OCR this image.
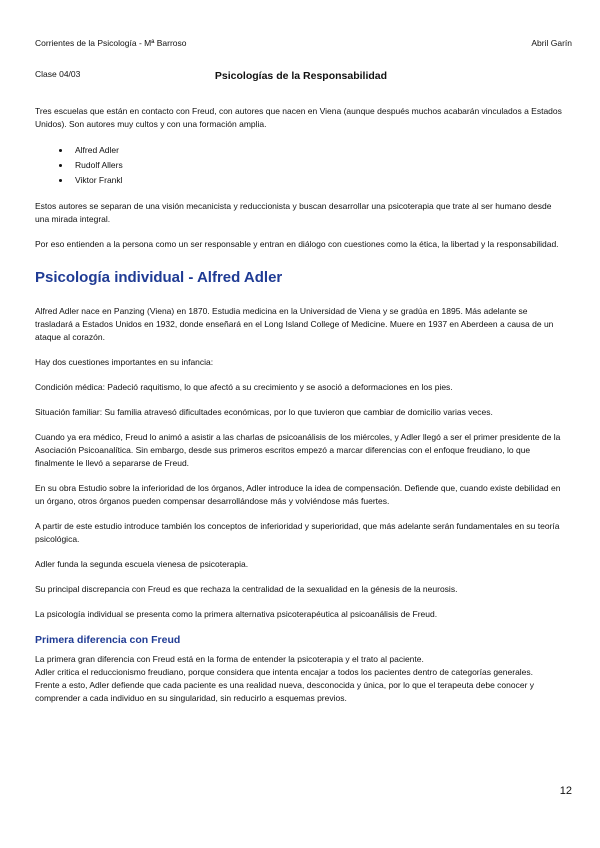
Corrientes de la Psicología - Mª Barroso	Abril Garín

Clase 04/03	Psicologías de la Responsabilidad

Tres escuelas que están en contacto con Freud, con autores que nacen en Viena (aunque después muchos acabarán vinculados a Estados Unidos). Son autores muy cultos y con una formación amplia.

• Alfred Adler
• Rudolf Allers
• Viktor Frankl

Estos autores se separan de una visión mecanicista y reduccionista y buscan desarrollar una psicoterapia que trate al ser humano desde una mirada integral.

Por eso entienden a la persona como un ser responsable y entran en diálogo con cuestiones como la ética, la libertad y la responsabilidad.

Psicología individual - Alfred Adler

Alfred Adler nace en Panzing (Viena) en 1870. Estudia medicina en la Universidad de Viena y se gradúa en 1895. Más adelante se trasladará a Estados Unidos en 1932, donde enseñará en el Long Island College of Medicine. Muere en 1937 en Aberdeen a causa de un ataque al corazón.

Hay dos cuestiones importantes en su infancia:

Condición médica: Padeció raquitismo, lo que afectó a su crecimiento y se asoció a deformaciones en los pies.

Situación familiar: Su familia atravesó dificultades económicas, por lo que tuvieron que cambiar de domicilio varias veces.

Cuando ya era médico, Freud lo animó a asistir a las charlas de psicoanálisis de los miércoles, y Adler llegó a ser el primer presidente de la Asociación Psicoanalítica. Sin embargo, desde sus primeros escritos empezó a marcar diferencias con el enfoque freudiano, lo que finalmente le llevó a separarse de Freud.

En su obra Estudio sobre la inferioridad de los órganos, Adler introduce la idea de compensación. Defiende que, cuando existe debilidad en un órgano, otros órganos pueden compensar desarrollándose más y volviéndose más fuertes.

A partir de este estudio introduce también los conceptos de inferioridad y superioridad, que más adelante serán fundamentales en su teoría psicológica.

Adler funda la segunda escuela vienesa de psicoterapia.

Su principal discrepancia con Freud es que rechaza la centralidad de la sexualidad en la génesis de la neurosis.

La psicología individual se presenta como la primera alternativa psicoterapéutica al psicoanálisis de Freud.

Primera diferencia con Freud

La primera gran diferencia con Freud está en la forma de entender la psicoterapia y el trato al paciente.

Adler critica el reduccionismo freudiano, porque considera que intenta encajar a todos los pacientes dentro de categorías generales.

Frente a esto, Adler defiende que cada paciente es una realidad nueva, desconocida y única, por lo que el terapeuta debe conocer y comprender a cada individuo en su singularidad, sin reducirlo a esquemas previos.

12
